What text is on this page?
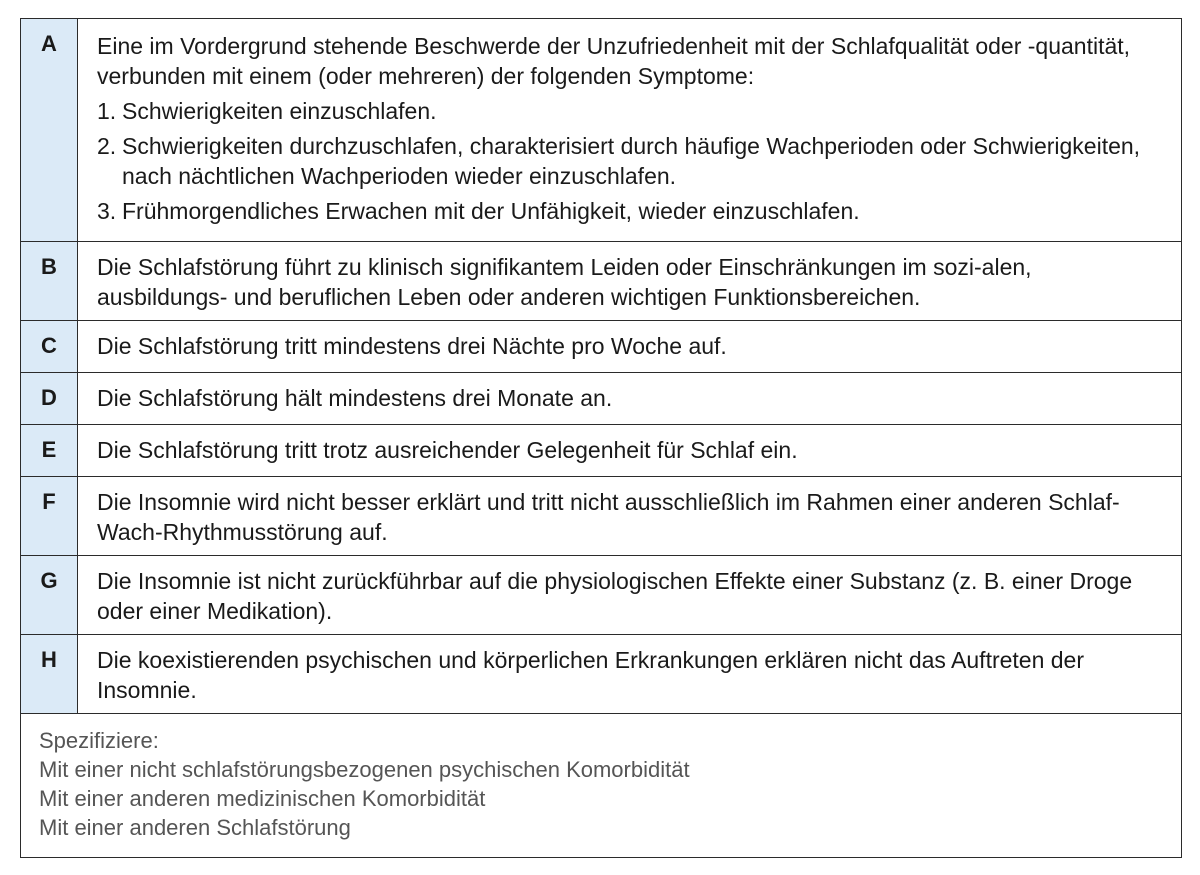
A	Eine im Vordergrund stehende Beschwerde der Unzufriedenheit mit der Schlafqualität oder -quantität, verbunden mit einem (oder mehreren) der folgenden Symptome:

1. Schwierigkeiten einzuschlafen.
2. Schwierigkeiten durchzuschlafen, charakterisiert durch häufige Wachperioden oder Schwierigkeiten, nach nächtlichen Wachperioden wieder einzuschlafen.
3. Frühmorgendliches Erwachen mit der Unfähigkeit, wieder einzuschlafen.
B	Die Schlafstörung führt zu klinisch signifikantem Leiden oder Einschränkungen im sozi-alen, ausbildungs- und beruflichen Leben oder anderen wichtigen Funktionsbereichen.
C	Die Schlafstörung tritt mindestens drei Nächte pro Woche auf.
D	Die Schlafstörung hält mindestens drei Monate an.
E	Die Schlafstörung tritt trotz ausreichender Gelegenheit für Schlaf ein.
F	Die Insomnie wird nicht besser erklärt und tritt nicht ausschließlich im Rahmen einer anderen Schlaf-Wach-Rhythmusstörung auf.
G	Die Insomnie ist nicht zurückführbar auf die physiologischen Effekte einer Substanz (z. B. einer Droge oder einer Medikation).
H	Die koexistierenden psychischen und körperlichen Erkrankungen erklären nicht das Auftreten der Insomnie.
Spezifiziere:
Mit einer nicht schlafstörungsbezogenen psychischen Komorbidität
Mit einer anderen medizinischen Komorbidität
Mit einer anderen Schlafstörung
